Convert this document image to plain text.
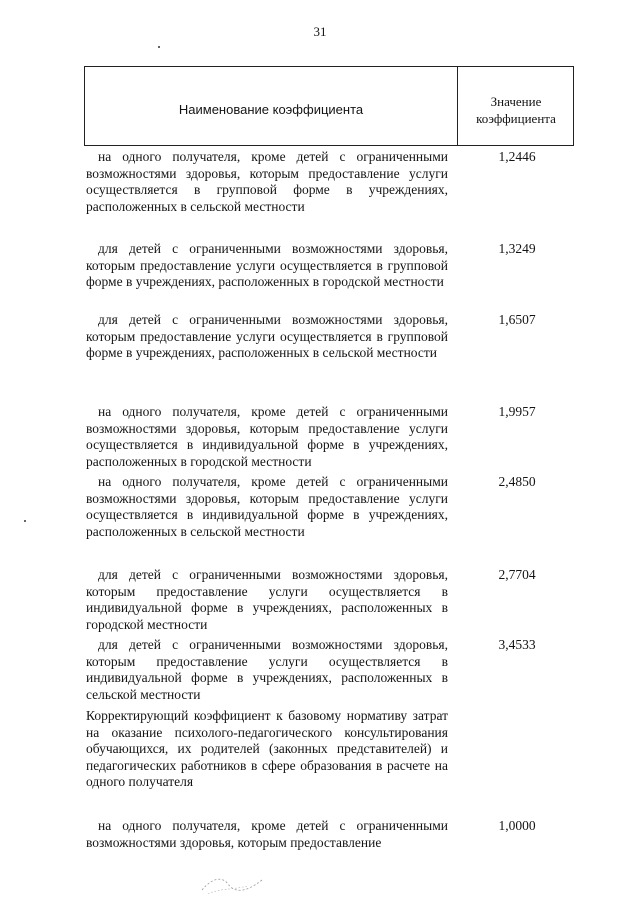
31
Наименование коэффициента	Значение
коэффициента

на одного получателя, кроме детей с ограниченными возможностями здоровья, которым предоставление услуги осуществляется в групповой форме в учреждениях, расположенных в сельской местности

1,2446

для детей с ограниченными возможностями здоровья, которым предоставление услуги осуществляется в групповой форме в учреждениях, расположенных в городской местности

1,3249

для детей с ограниченными возможностями здоровья, которым предоставление услуги осуществляется в групповой форме в учреждениях, расположенных в сельской местности

1,6507

на одного получателя, кроме детей с ограниченными возможностями здоровья, которым предоставление услуги осуществляется в индивидуальной форме в учреждениях, расположенных в городской местности

1,9957

на одного получателя, кроме детей с ограниченными возможностями здоровья, которым предоставление услуги осуществляется в индивидуальной форме в учреждениях, расположенных в сельской местности

2,4850

для детей с ограниченными возможностями здоровья, которым предоставление услуги осуществляется в индивидуальной форме в учреждениях, расположенных в городской местности

2,7704

для детей с ограниченными возможностями здоровья, которым предоставление услуги осуществляется в индивидуальной форме в учреждениях, расположенных в сельской местности

3,4533

Корректирующий коэффициент к базовому нормативу затрат на оказание психолого-педагогического консультирования обучающихся, их родителей (законных представителей) и педагогических работников в сфере образования в расчете на одного получателя

на одного получателя, кроме детей с ограниченными возможностями здоровья, которым предоставление

1,0000
